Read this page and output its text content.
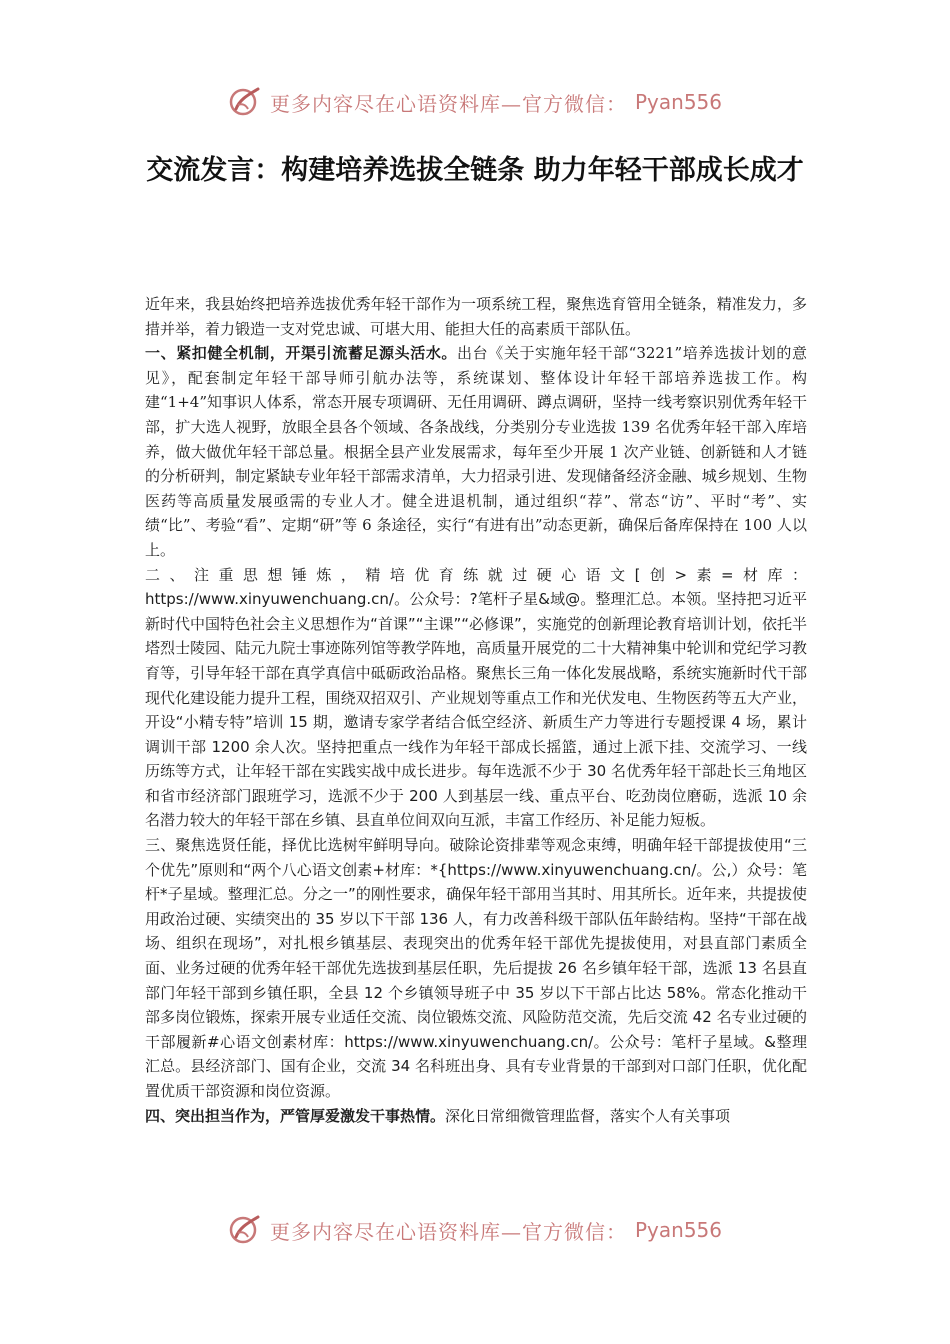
更多内容尽在心语资料库—官方微信： Pyan556
交流发言：构建培养选拔全链条 助力年轻干部成长成才

近年来，我县始终把培养选拔优秀年轻干部作为一项系统工程，聚焦选育管用全链条，精准发力，多措并举，着力锻造一支对党忠诚、可堪大用、能担大任的高素质干部队伍。

一、紧扣健全机制，开渠引流蓄足源头活水。出台《关于实施年轻干部“3221”培养选拔计划的意见》，配套制定年轻干部导师引航办法等，系统谋划、整体设计年轻干部培养选拔工作。构建“1+4”知事识人体系，常态开展专项调研、无任用调研、蹲点调研，坚持一线考察识别优秀年轻干部，扩大选人视野，放眼全县各个领域、各条战线，分类别分专业选拔 139 名优秀年轻干部入库培养，做大做优年轻干部总量。根据全县产业发展需求，每年至少开展 1 次产业链、创新链和人才链的分析研判，制定紧缺专业年轻干部需求清单，大力招录引进、发现储备经济金融、城乡规划、生物医药等高质量发展亟需的专业人才。健全进退机制，通过组织“荐”、常态“访”、平时“考”、实绩“比”、考验“看”、定期“研”等 6 条途径，实行“有进有出”动态更新，确保后备库保持在 100 人以上。

二、注重思想锤炼，精培优育练就过硬心语文[创>素=材库：https://www.xinyuwenchuang.cn/。公众号：?笔杆子星&域@。整理汇总。本领。坚持把习近平新时代中国特色社会主义思想作为“首课”“主课”“必修课”，实施党的创新理论教育培训计划，依托半塔烈士陵园、陆元九院士事迹陈列馆等教学阵地，高质量开展党的二十大精神集中轮训和党纪学习教育等，引导年轻干部在真学真信中砥砺政治品格。聚焦长三角一体化发展战略，系统实施新时代干部现代化建设能力提升工程，围绕双招双引、产业规划等重点工作和光伏发电、生物医药等五大产业，开设“小精专特”培训 15 期，邀请专家学者结合低空经济、新质生产力等进行专题授课 4 场，累计调训干部 1200 余人次。坚持把重点一线作为年轻干部成长摇篮，通过上派下挂、交流学习、一线历练等方式，让年轻干部在实践实战中成长进步。每年选派不少于 30 名优秀年轻干部赴长三角地区和省市经济部门跟班学习，选派不少于 200 人到基层一线、重点平台、吃劲岗位磨砺，选派 10 余名潜力较大的年轻干部在乡镇、县直单位间双向互派，丰富工作经历、补足能力短板。

三、聚焦选贤任能，择优比选树牢鲜明导向。破除论资排辈等观念束缚，明确年轻干部提拔使用“三个优先”原则和“两个八心语文创素+材库：*{https://www.xinyuwenchuang.cn/。公,）众号：笔杆*子星域。整理汇总。分之一”的刚性要求，确保年轻干部用当其时、用其所长。近年来，共提拔使用政治过硬、实绩突出的 35 岁以下干部 136 人，有力改善科级干部队伍年龄结构。坚持“干部在战场、组织在现场”，对扎根乡镇基层、表现突出的优秀年轻干部优先提拔使用，对县直部门素质全面、业务过硬的优秀年轻干部优先选拔到基层任职，先后提拔 26 名乡镇年轻干部，选派 13 名县直部门年轻干部到乡镇任职，全县 12 个乡镇领导班子中 35 岁以下干部占比达 58%。常态化推动干部多岗位锻炼，探索开展专业适任交流、岗位锻炼交流、风险防范交流，先后交流 42 名专业过硬的干部履新#心语文创素材库：https://www.xinyuwenchuang.cn/。公众号：笔杆子星域。&整理汇总。县经济部门、国有企业，交流 34 名科班出身、具有专业背景的干部到对口部门任职，优化配置优质干部资源和岗位资源。

四、突出担当作为，严管厚爱激发干事热情。深化日常细微管理监督，落实个人有关事项

更多内容尽在心语资料库—官方微信： Pyan556
